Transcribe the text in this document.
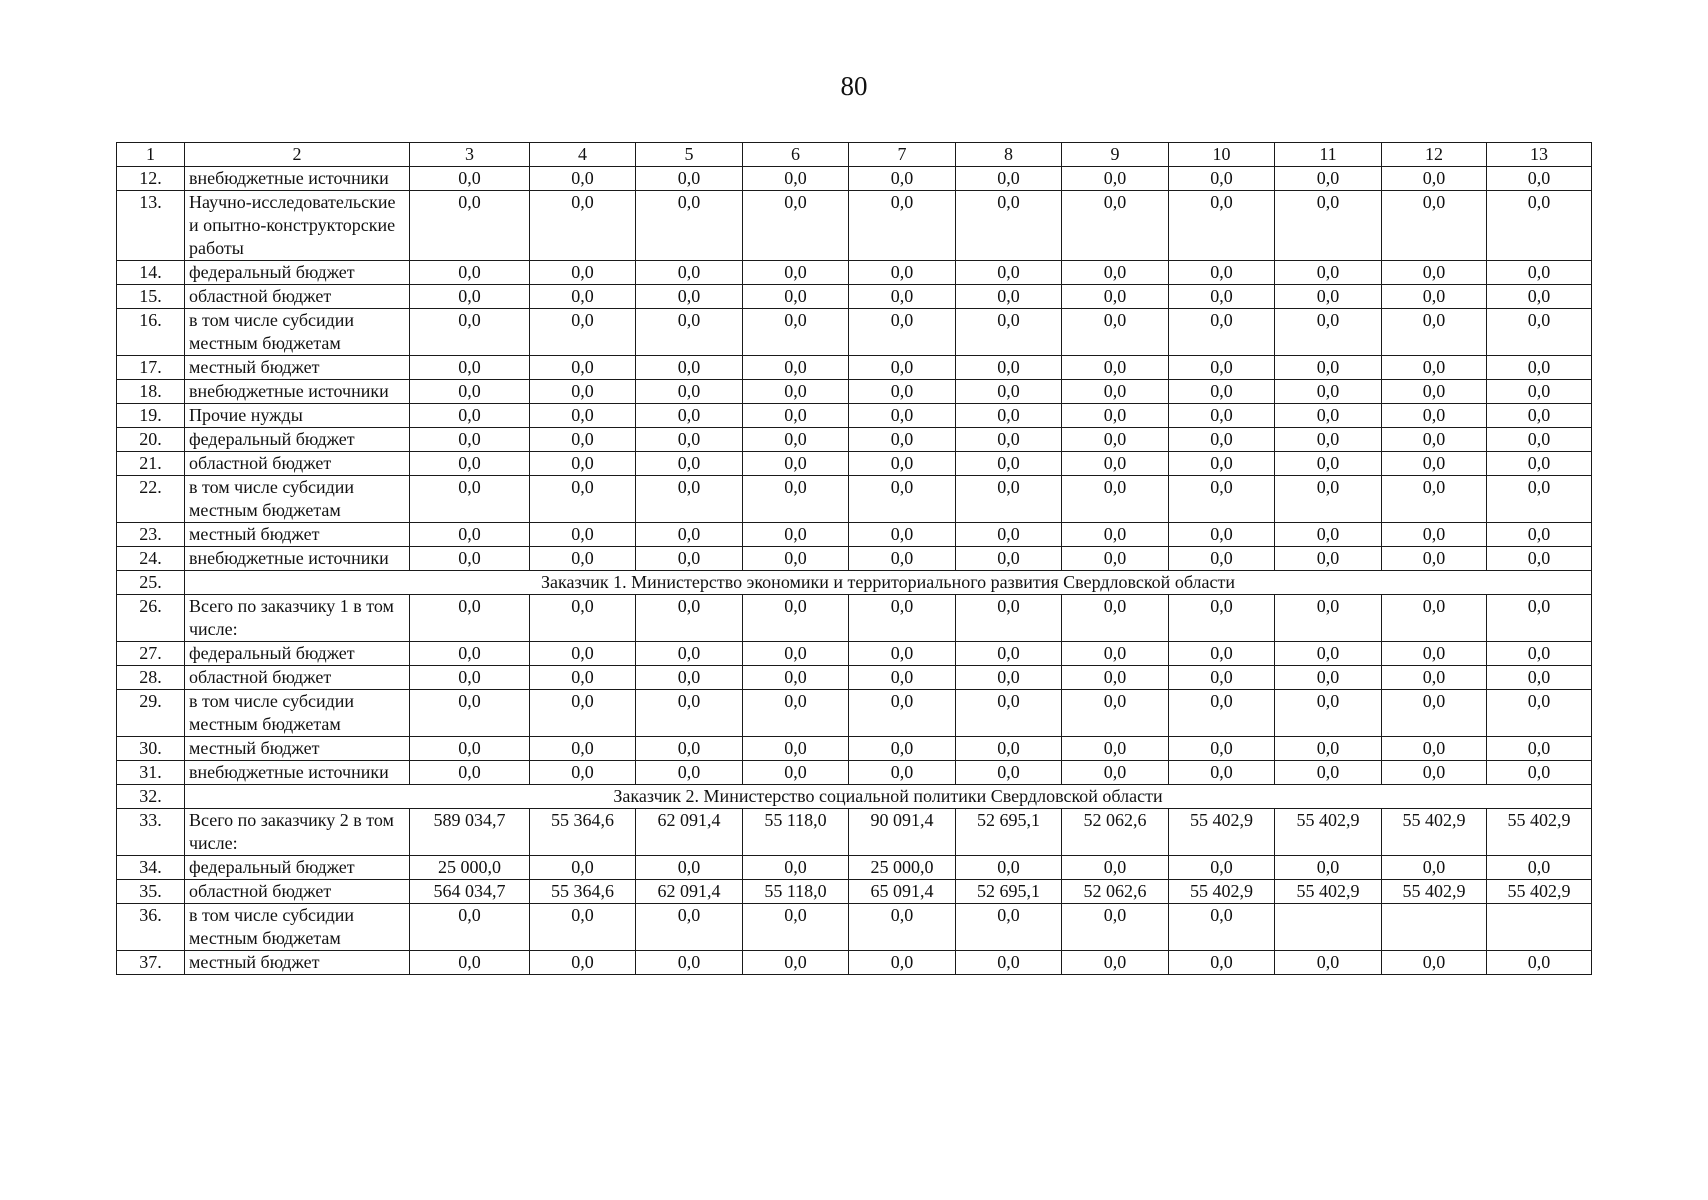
80
1	2	3	4	5	6	7	8	9	10	11	12	13
12.	внебюджетные источники	0,0	0,0	0,0	0,0	0,0	0,0	0,0	0,0	0,0	0,0	0,0
13.	Научно-исследовательские и опытно-конструкторские работы	0,0	0,0	0,0	0,0	0,0	0,0	0,0	0,0	0,0	0,0	0,0
14.	федеральный бюджет	0,0	0,0	0,0	0,0	0,0	0,0	0,0	0,0	0,0	0,0	0,0
15.	областной бюджет	0,0	0,0	0,0	0,0	0,0	0,0	0,0	0,0	0,0	0,0	0,0
16.	в том числе субсидии местным бюджетам	0,0	0,0	0,0	0,0	0,0	0,0	0,0	0,0	0,0	0,0	0,0
17.	местный бюджет	0,0	0,0	0,0	0,0	0,0	0,0	0,0	0,0	0,0	0,0	0,0
18.	внебюджетные источники	0,0	0,0	0,0	0,0	0,0	0,0	0,0	0,0	0,0	0,0	0,0
19.	Прочие нужды	0,0	0,0	0,0	0,0	0,0	0,0	0,0	0,0	0,0	0,0	0,0
20.	федеральный бюджет	0,0	0,0	0,0	0,0	0,0	0,0	0,0	0,0	0,0	0,0	0,0
21.	областной бюджет	0,0	0,0	0,0	0,0	0,0	0,0	0,0	0,0	0,0	0,0	0,0
22.	в том числе субсидии местным бюджетам	0,0	0,0	0,0	0,0	0,0	0,0	0,0	0,0	0,0	0,0	0,0
23.	местный бюджет	0,0	0,0	0,0	0,0	0,0	0,0	0,0	0,0	0,0	0,0	0,0
24.	внебюджетные источники	0,0	0,0	0,0	0,0	0,0	0,0	0,0	0,0	0,0	0,0	0,0
25.	Заказчик 1. Министерство экономики и территориального развития Свердловской области											
26.	Всего по заказчику 1 в том числе:	0,0	0,0	0,0	0,0	0,0	0,0	0,0	0,0	0,0	0,0	0,0
27.	федеральный бюджет	0,0	0,0	0,0	0,0	0,0	0,0	0,0	0,0	0,0	0,0	0,0
28.	областной бюджет	0,0	0,0	0,0	0,0	0,0	0,0	0,0	0,0	0,0	0,0	0,0
29.	в том числе субсидии местным бюджетам	0,0	0,0	0,0	0,0	0,0	0,0	0,0	0,0	0,0	0,0	0,0
30.	местный бюджет	0,0	0,0	0,0	0,0	0,0	0,0	0,0	0,0	0,0	0,0	0,0
31.	внебюджетные источники	0,0	0,0	0,0	0,0	0,0	0,0	0,0	0,0	0,0	0,0	0,0
32.	Заказчик 2. Министерство социальной политики Свердловской области											
33.	Всего по заказчику 2 в том числе:	589 034,7	55 364,6	62 091,4	55 118,0	90 091,4	52 695,1	52 062,6	55 402,9	55 402,9	55 402,9	55 402,9
34.	федеральный бюджет	25 000,0	0,0	0,0	0,0	25 000,0	0,0	0,0	0,0	0,0	0,0	0,0
35.	областной бюджет	564 034,7	55 364,6	62 091,4	55 118,0	65 091,4	52 695,1	52 062,6	55 402,9	55 402,9	55 402,9	55 402,9
36.	в том числе субсидии местным бюджетам	0,0	0,0	0,0	0,0	0,0	0,0	0,0	0,0			
37.	местный бюджет	0,0	0,0	0,0	0,0	0,0	0,0	0,0	0,0	0,0	0,0	0,0
